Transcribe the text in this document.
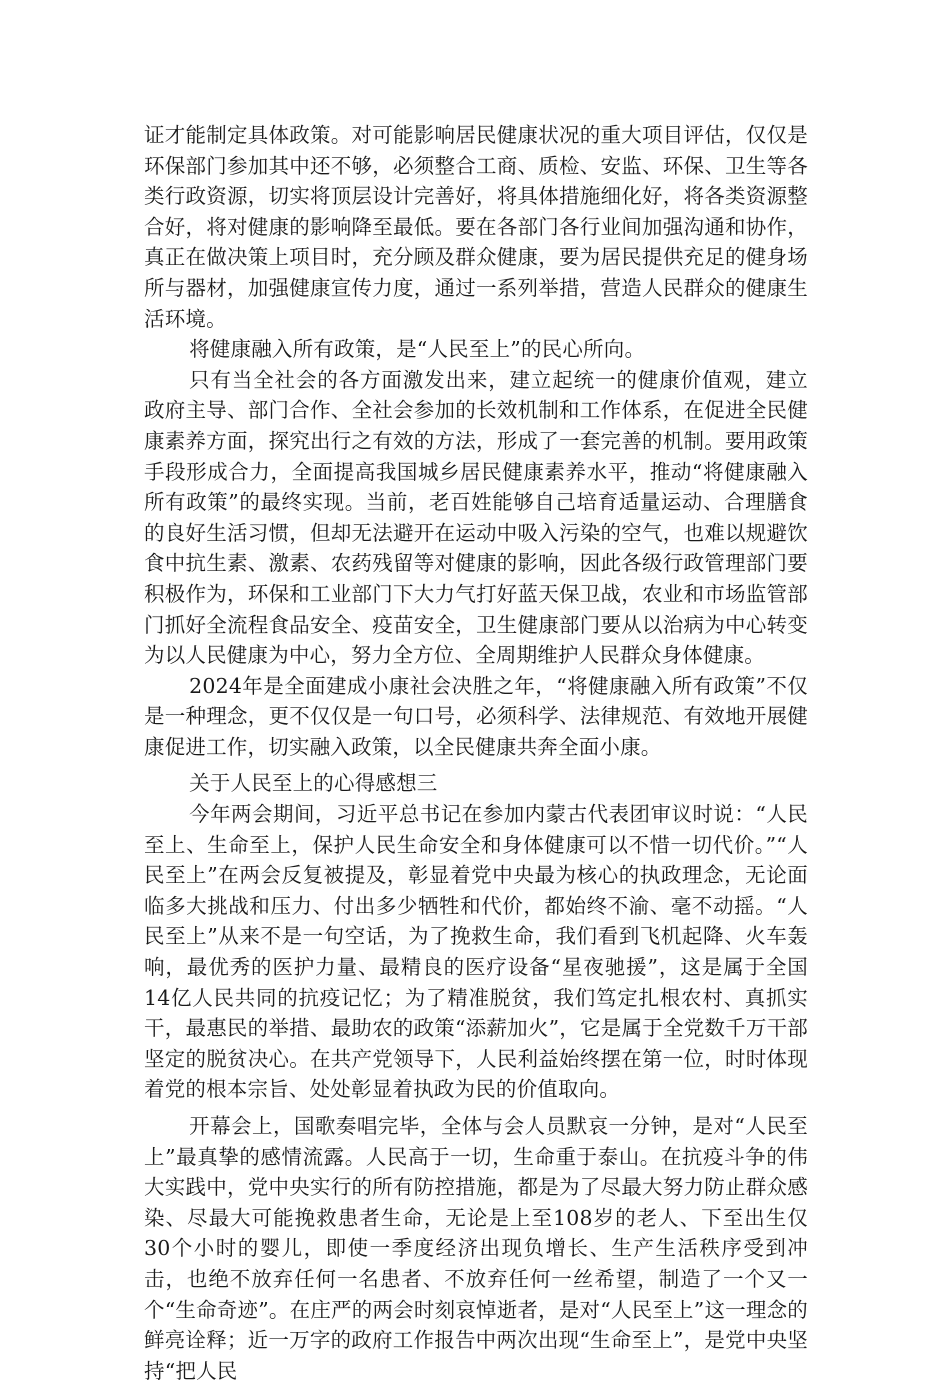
证才能制定具体政策。对可能影响居民健康状况的重大项目评估，仅仅是环保部门参加其中还不够，必须整合工商、质检、安监、环保、卫生等各类行政资源，切实将顶层设计完善好，将具体措施细化好，将各类资源整合好，将对健康的影响降至最低。要在各部门各行业间加强沟通和协作，真正在做决策上项目时，充分顾及群众健康，要为居民提供充足的健身场所与器材，加强健康宣传力度，通过一系列举措，营造人民群众的健康生活环境。

将健康融入所有政策，是“人民至上”的民心所向。

只有当全社会的各方面激发出来，建立起统一的健康价值观，建立政府主导、部门合作、全社会参加的长效机制和工作体系，在促进全民健康素养方面，探究出行之有效的方法，形成了一套完善的机制。要用政策手段形成合力，全面提高我国城乡居民健康素养水平，推动“将健康融入所有政策”的最终实现。当前，老百姓能够自己培育适量运动、合理膳食的良好生活习惯，但却无法避开在运动中吸入污染的空气，也难以规避饮食中抗生素、激素、农药残留等对健康的影响，因此各级行政管理部门要积极作为，环保和工业部门下大力气打好蓝天保卫战，农业和市场监管部门抓好全流程食品安全、疫苗安全，卫生健康部门要从以治病为中心转变为以人民健康为中心，努力全方位、全周期维护人民群众身体健康。

2024年是全面建成小康社会决胜之年，“将健康融入所有政策”不仅是一种理念，更不仅仅是一句口号，必须科学、法律规范、有效地开展健康促进工作，切实融入政策，以全民健康共奔全面小康。

关于人民至上的心得感想三

今年两会期间，习近平总书记在参加内蒙古代表团审议时说：“人民至上、生命至上，保护人民生命安全和身体健康可以不惜一切代价。”“人民至上”在两会反复被提及，彰显着党中央最为核心的执政理念，无论面临多大挑战和压力、付出多少牺牲和代价，都始终不渝、毫不动摇。“人民至上”从来不是一句空话，为了挽救生命，我们看到飞机起降、火车轰响，最优秀的医护力量、最精良的医疗设备“星夜驰援”，这是属于全国14亿人民共同的抗疫记忆；为了精准脱贫，我们笃定扎根农村、真抓实干，最惠民的举措、最助农的政策“添薪加火”，它是属于全党数千万干部坚定的脱贫决心。在共产党领导下，人民利益始终摆在第一位，时时体现着党的根本宗旨、处处彰显着执政为民的价值取向。

开幕会上，国歌奏唱完毕，全体与会人员默哀一分钟，是对“人民至上”最真挚的感情流露。人民高于一切，生命重于泰山。在抗疫斗争的伟大实践中，党中央实行的所有防控措施，都是为了尽最大努力防止群众感染、尽最大可能挽救患者生命，无论是上至108岁的老人、下至出生仅30个小时的婴儿，即使一季度经济出现负增长、生产生活秩序受到冲击，也绝不放弃任何一名患者、不放弃任何一丝希望，制造了一个又一个“生命奇迹”。在庄严的两会时刻哀悼逝者，是对“人民至上”这一理念的鲜亮诠释；近一万字的政府工作报告中两次出现“生命至上”，是党中央坚持“把人民
